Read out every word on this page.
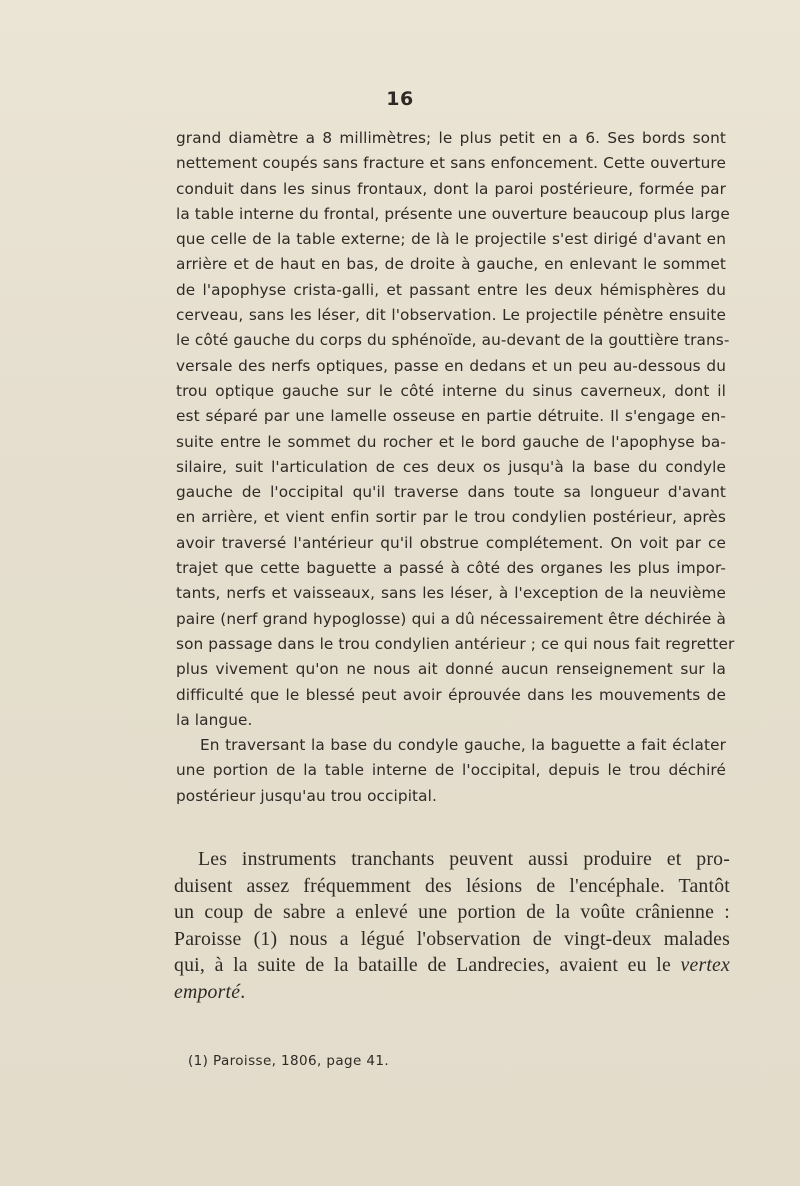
16
grand diamètre a 8 millimètres; le plus petit en a 6. Ses bords sont
nettement coupés sans fracture et sans enfoncement. Cette ouverture
conduit dans les sinus frontaux, dont la paroi postérieure, formée par
la table interne du frontal, présente une ouverture beaucoup plus large
que celle de la table externe; de là le projectile s'est dirigé d'avant en
arrière et de haut en bas, de droite à gauche, en enlevant le sommet
de l'apophyse crista-galli, et passant entre les deux hémisphères du
cerveau, sans les léser, dit l'observation. Le projectile pénètre ensuite
le côté gauche du corps du sphénoïde, au-devant de la gouttière trans-
versale des nerfs optiques, passe en dedans et un peu au-dessous du
trou optique gauche sur le côté interne du sinus caverneux, dont il
est séparé par une lamelle osseuse en partie détruite. Il s'engage en-
suite entre le sommet du rocher et le bord gauche de l'apophyse ba-
silaire, suit l'articulation de ces deux os jusqu'à la base du condyle
gauche de l'occipital qu'il traverse dans toute sa longueur d'avant
en arrière, et vient enfin sortir par le trou condylien postérieur, après
avoir traversé l'antérieur qu'il obstrue complétement. On voit par ce
trajet que cette baguette a passé à côté des organes les plus impor-
tants, nerfs et vaisseaux, sans les léser, à l'exception de la neuvième
paire (nerf grand hypoglosse) qui a dû nécessairement être déchirée à
son passage dans le trou condylien antérieur ; ce qui nous fait regretter
plus vivement qu'on ne nous ait donné aucun renseignement sur la
difficulté que le blessé peut avoir éprouvée dans les mouvements de
la langue.
En traversant la base du condyle gauche, la baguette a fait éclater
une portion de la table interne de l'occipital, depuis le trou déchiré
postérieur jusqu'au trou occipital.
Les instruments tranchants peuvent aussi produire et pro-
duisent assez fréquemment des lésions de l'encéphale. Tantôt
un coup de sabre a enlevé une portion de la voûte crânienne :
Paroisse (1) nous a légué l'observation de vingt-deux malades
qui, à la suite de la bataille de Landrecies, avaient eu le vertex
emporté.
(1) Paroisse, 1806, page 41.
